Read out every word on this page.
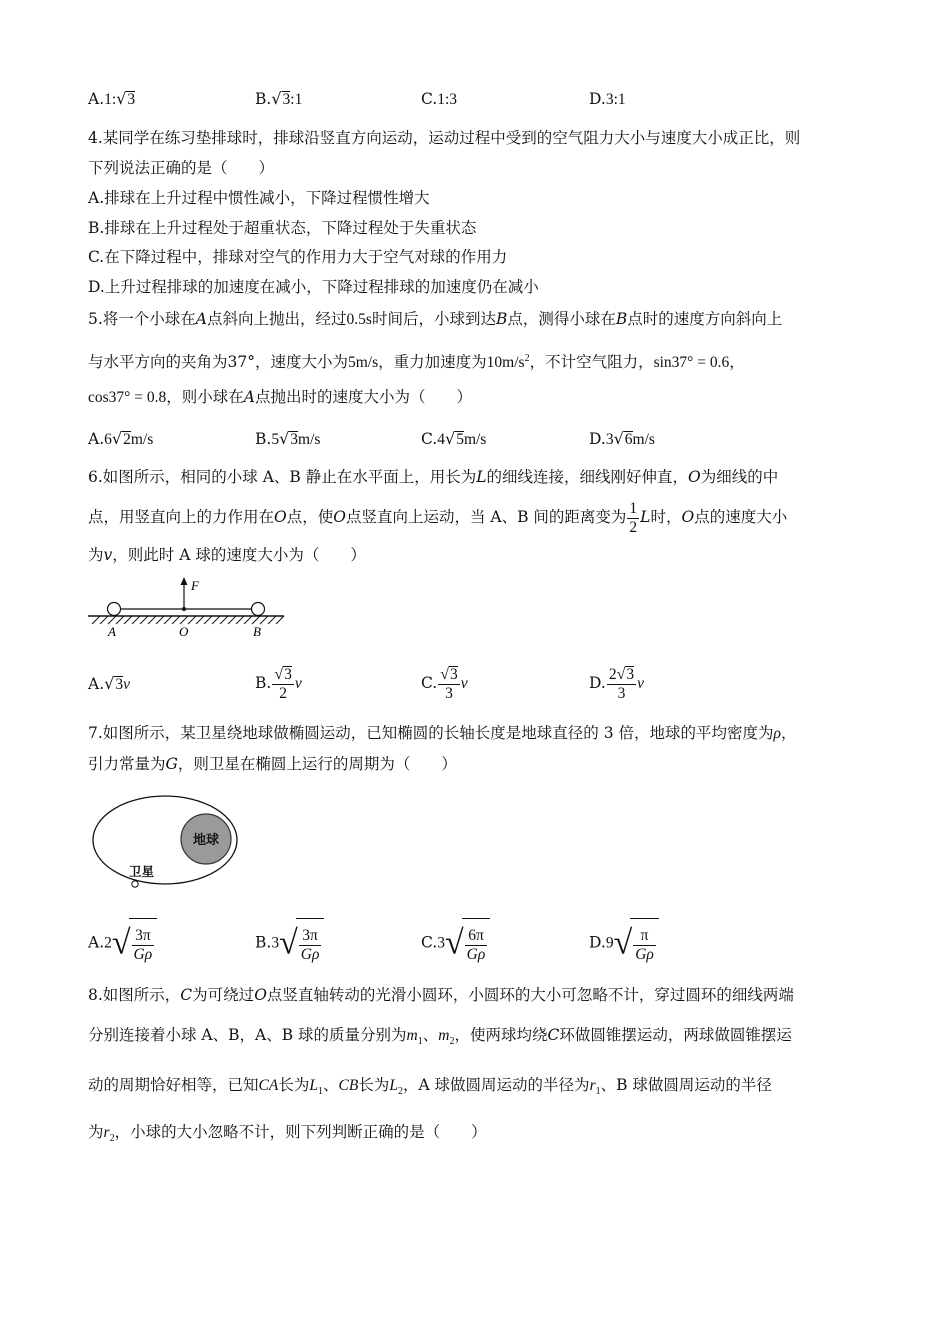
A.1:√3	B.√3:1	C.1:3	D.3:1
4.某同学在练习垫排球时，排球沿竖直方向运动，运动过程中受到的空气阻力大小与速度大小成正比，则
下列说法正确的是（　　）
A.排球在上升过程中惯性减小，下降过程惯性增大
B.排球在上升过程处于超重状态，下降过程处于失重状态
C.在下降过程中，排球对空气的作用力大于空气对球的作用力
D.上升过程排球的加速度在减小，下降过程排球的加速度仍在减小
5.将一个小球在A点斜向上抛出，经过0.5s时间后，小球到达B点，测得小球在B点时的速度方向斜向上
与水平方向的夹角为37°，速度大小为5m/s，重力加速度为$10m/s^2$，不计空气阻力，sin37° = 0.6，
cos37° = 0.8，则小球在A点抛出时的速度大小为（　　）
A.6√2m/s	B.5√3m/s	C.4√5m/s	D.3√6m/s
6.如图所示，相同的小球 A、B 静止在水平面上，用长为L的细线连接，细线刚好伸直，O为细线的中
点，用竖直向上的力作用在O点，使O点竖直向上运动，当 A、B 间的距离变为 $\frac{1}{2}$ L时，O点的速度大小
为v，则此时 A 球的速度大小为（　　）
F
A	O	B
A.√3v	B. $\frac{√3}{2}$ v	C. $\frac{√3}{3}$ v	D. $\frac{2√3}{3}$ v
7.如图所示，某卫星绕地球做椭圆运动，已知椭圆的长轴长度是地球直径的 3 倍，地球的平均密度为ρ，
引力常量为G，则卫星在椭圆上运行的周期为（　　）
地球
卫星
$A.2√ \frac{3\pi}{G\rho}$	$B.3√ \frac{3\pi}{G\rho}$	$C.3√ \frac{6\pi}{G\rho}$	$D.9√ \frac{\pi}{G\rho}$
8.如图所示，C为可绕过O点竖直轴转动的光滑小圆环，小圆环的大小可忽略不计，穿过圆环的细线两端
分别连接着小球 A、B，A、B 球的质量分别为$m_1$、$m_2$，使两球均绕C环做圆锥摆运动，两球做圆锥摆运
动的周期恰好相等，已知CA长为$L_1$、CB长为$L_2$，A 球做圆周运动的半径为$r_1$、B 球做圆周运动的半径
为$r_2$，小球的大小忽略不计，则下列判断正确的是（　　）
